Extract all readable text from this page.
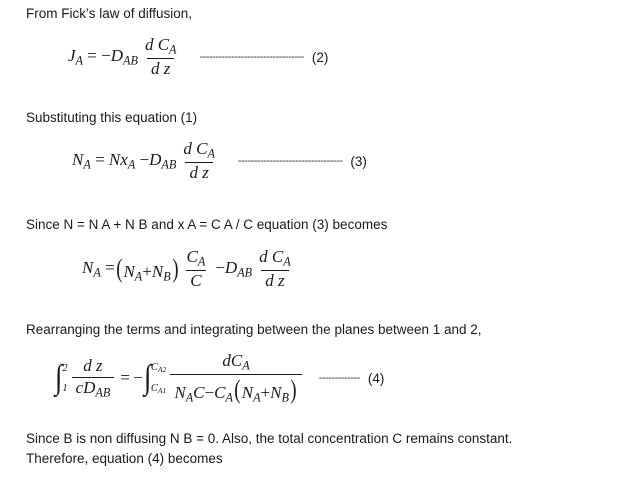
From Fick’s law of diffusion,

$J_A = -D_{AB} \frac{d C_A}{\text{d z}}$ --------------------------------- (2)

Substituting this equation (1)

$N_A = Nx_A -D_{AB} \frac{d C_A}{\text{d z}}$ --------------------------------- (3)

Since N = N A + N B and x A = C A / C equation (3) becomes

$N_A = (N_A+N_B) \frac{C_A}{C} -D_{AB} \frac{d C_A}{\text{d z}}$

Rearranging the terms and integrating between the planes between 1 and 2,

∫ 2
$1 \frac{\text{d z}}{cD_{AB}}$ = − ∫ $C_{A2}$
$C_{A1} \frac{dC_A}{N_AC-C_A(N_A+N_B)}$ ------------- (4)

Since B is non diffusing N B = 0. Also, the total concentration C remains constant.

Therefore, equation (4) becomes
